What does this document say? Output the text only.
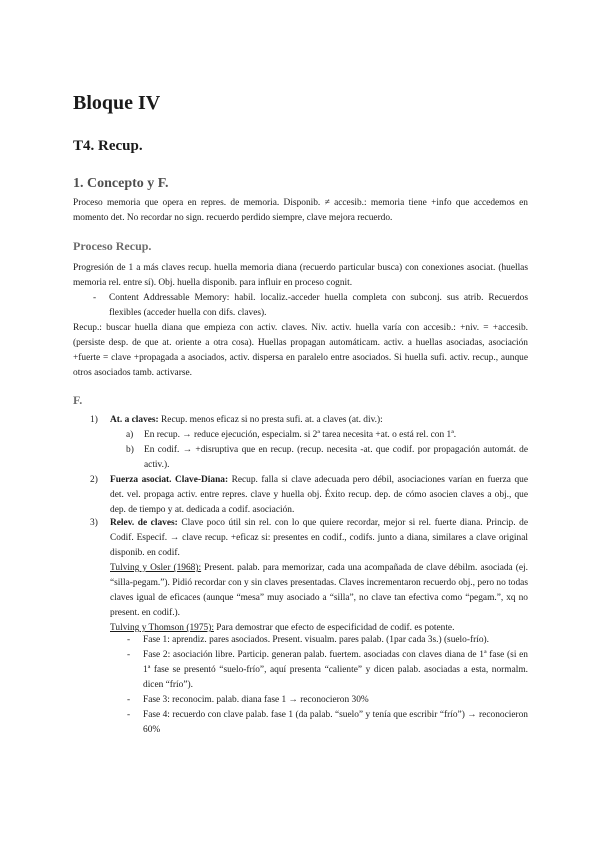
Bloque IV
T4. Recup.
1. Concepto y F.

Proceso memoria que opera en repres. de memoria. Disponib. ≠ accesib.: memoria tiene +info que accedemos en momento det. No recordar no sign. recuerdo perdido siempre, clave mejora recuerdo.

Proceso Recup.

Progresión de 1 a más claves recup. huella memoria diana (recuerdo particular busca) con conexiones asociat. (huellas memoria rel. entre sí). Obj. huella disponib. para influir en proceso cognit.

- Content Addressable Memory: habil. localiz.-acceder huella completa con subconj. sus atrib. Recuerdos flexibles (acceder huella con difs. claves).

Recup.: buscar huella diana que empieza con activ. claves. Niv. activ. huella varía con accesib.: +niv. = +accesib. (persiste desp. de que at. oriente a otra cosa). Huellas propagan automáticam. activ. a huellas asociadas, asociación +fuerte = clave +propagada a asociados, activ. dispersa en paralelo entre asociados. Si huella sufi. activ. recup., aunque otros asociados tamb. activarse.

F.
1) At. a claves: Recup. menos eficaz si no presta sufi. at. a claves (at. div.):

a) En recup. → reduce ejecución, especialm. si 2ª tarea necesita +at. o está rel. con 1ª.

b) En codif. → +disruptiva que en recup. (recup. necesita -at. que codif. por propagación automát. de activ.).

2) Fuerza asociat. Clave-Diana: Recup. falla si clave adecuada pero débil, asociaciones varían en fuerza que det. vel. propaga activ. entre repres. clave y huella obj. Éxito recup. dep. de cómo asocien claves a obj., que dep. de tiempo y at. dedicada a codif. asociación.

3) Relev. de claves: Clave poco útil sin rel. con lo que quiere recordar, mejor si rel. fuerte diana. Princip. de Codif. Especif. → clave recup. +eficaz si: presentes en codif., codifs. junto a diana, similares a clave original disponib. en codif.

Tulving y Osler (1968): Present. palab. para memorizar, cada una acompañada de clave débilm. asociada (ej. “silla-pegam.”). Pidió recordar con y sin claves presentadas. Claves incrementaron recuerdo obj., pero no todas claves igual de eficaces (aunque “mesa” muy asociado a “silla”, no clave tan efectiva como “pegam.”, xq no present. en codif.).

Tulving y Thomson (1975): Para demostrar que efecto de especificidad de codif. es potente.

- Fase 1: aprendiz. pares asociados. Present. visualm. pares palab. (1par cada 3s.) (suelo-frío).

- Fase 2: asociación libre. Particip. generan palab. fuertem. asociadas con claves diana de 1ª fase (si en 1ª fase se presentó “suelo-frío”, aquí presenta “caliente” y dicen palab. asociadas a esta, normalm. dicen “frío”).

- Fase 3: reconocim. palab. diana fase 1 → reconocieron 30%

- Fase 4: recuerdo con clave palab. fase 1 (da palab. “suelo” y tenía que escribir “frío”) → reconocieron 60%
